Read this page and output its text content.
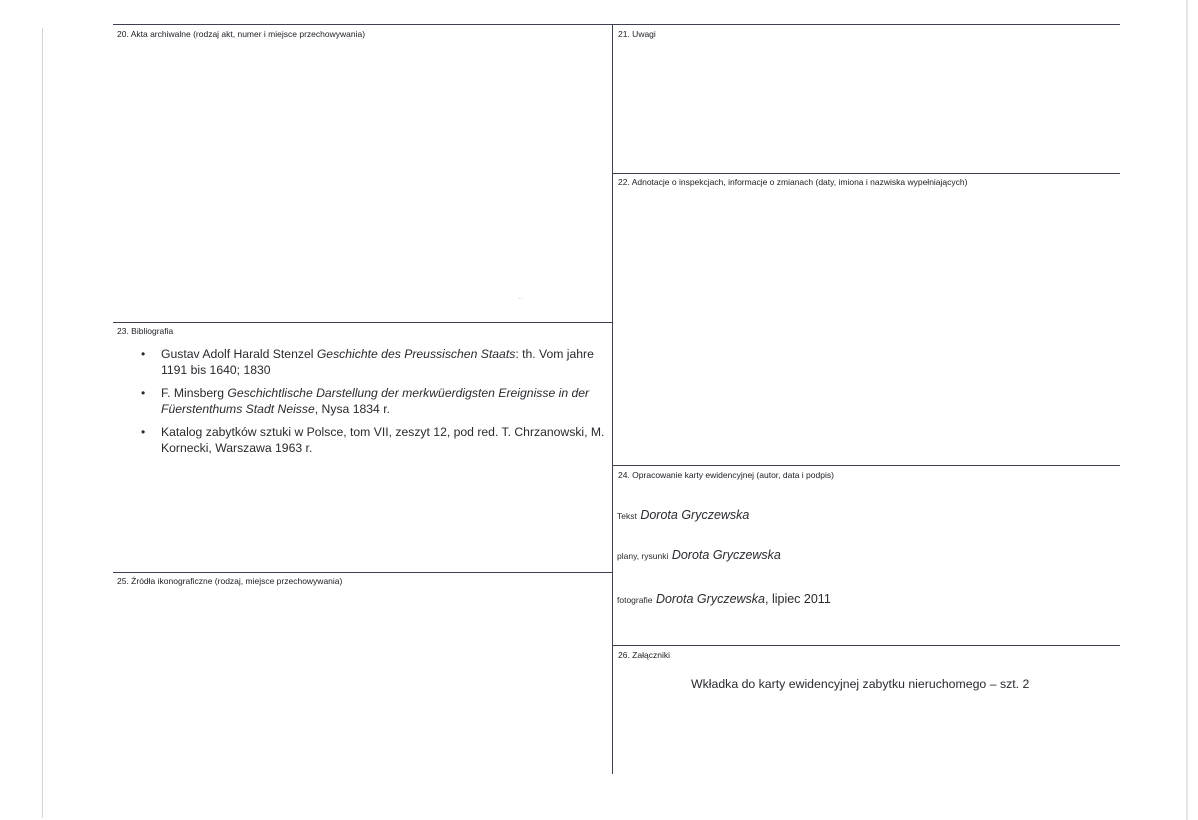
20. Akta archiwalne (rodzaj akt, numer i miejsce przechowywania)
‥
21. Uwagi
22. Adnotacje o inspekcjach, informacje o zmianach (daty, imiona i nazwiska wypełniających)
23. Bibliografia
• Gustav Adolf Harald Stenzel Geschichte des Preussischen Staats: th. Vom jahre 1191 bis 1640; 1830
• F. Minsberg Geschichtlische Darstellung der merkwüerdigsten Ereignisse in der Füerstenthums Stadt Neisse, Nysa 1834 r.
• Katalog zabytków sztuki w Polsce, tom VII, zeszyt 12, pod red. T. Chrzanowski, M. Kornecki, Warszawa 1963 r.
24. Opracowanie karty ewidencyjnej (autor, data i podpis)
Tekst Dorota Gryczewska
plany, rysunki Dorota Gryczewska
fotografie Dorota Gryczewska, lipiec 2011
25. Źródła ikonograficzne (rodzaj, miejsce przechowywania)
26. Załączniki
Wkładka do karty ewidencyjnej zabytku nieruchomego – szt. 2
